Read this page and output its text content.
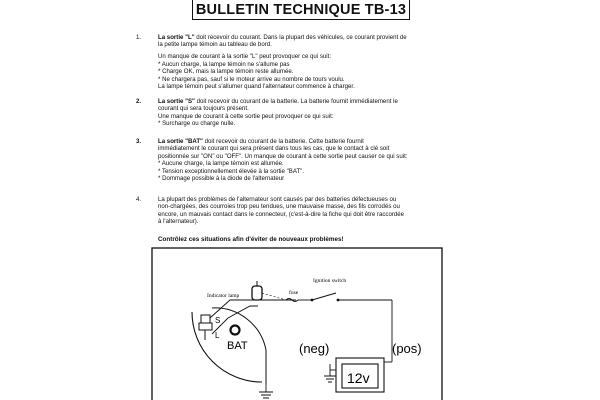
BULLETIN TECHNIQUE TB-13
1.	La sortie "L" doit recevoir du courant. Dans la plupart des véhicules, ce courant provient de

la petite lampe témoin au tableau de bord.

Un manque de courant à la sortie "L" peut provoquer ce qui suit:

* Aucun charge, la lampe témoin ne s'allume pas

* Charge OK, mais la lampe témoin reste allumée.

* Ne chargera pas, sauf si le moteur arrive au nombre de tours voulu.

La lampe témoin peut s'allumer quand l'alternateur commence à charger.

2.	La sortie "S" doit recevoir du courant de la batterie. La batterie fournit immédiatement le

courant qui sera toujours présent.

Une manque de courant à cette sortie peut provoquer ce qui suit:

* Surcharge ou charge nulle.

3.	La sortie "BAT" doit recevoir du courant de la batterie. Cette batterie fournit

immédiatement le courant qui sera présent dans tous les cas, que le contact à clé soit

positionnée sur "ON" ou "OFF". Un manque de courant à cette sortie peut causer ce qui suit:

* Aucune charge, la lampe témoin est allumée.

* Tension exceptionnellement élevée à la sortie "BAT".

* Dommage possible à la diode de l'alternateur

4.	La plupart des problèmes de l'alternateur sont causés par des batteries défectueuses ou

non-chargées, des courroies trop peu tendues, une mauvaise masse, des fils corrodés ou

encore, un mauvais contact dans le connecteur, (c'est-à-dire la fiche qui doit être raccordée

à l'alternateur).

Contrôlez ces situations afin d'éviter de nouveaux problèmes!
S
L
BAT
Indicator lamp	fuse
Ignition switch
(neg)	(pos)
12v
